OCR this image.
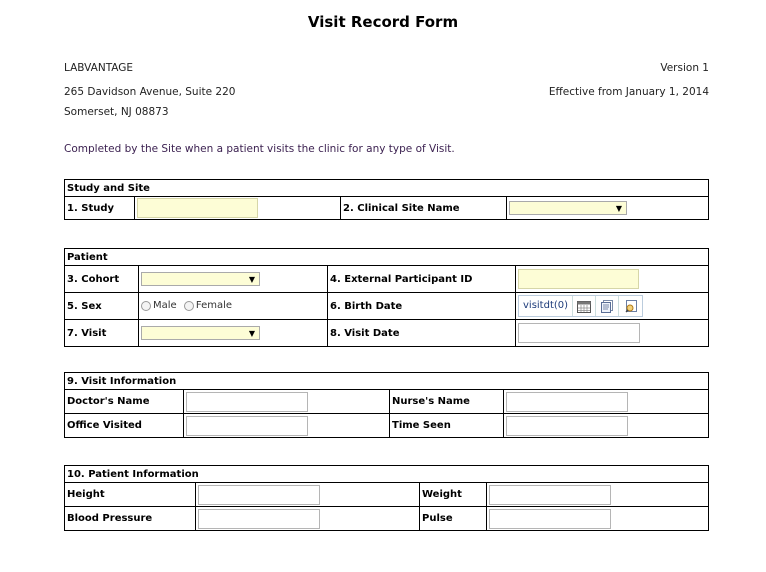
Visit Record Form
LABVANTAGE	Version 1
265 Davidson Avenue, Suite 220	Effective from January 1, 2014
Somerset, NJ 08873
Completed by the Site when a patient visits the clinic for any type of Visit.
Study and Site
1. Study		2. Clinical Site Name	▼
Patient			
3. Cohort	▼	4. External Participant ID	
5. Sex	Male Female	6. Birth Date	visitdt(0)

7. Visit	▼	8. Visit Date	
9. Visit Information			
Doctor's Name		Nurse's Name	
Office Visited		Time Seen	
10. Patient Information			
Height		Weight	
Blood Pressure		Pulse	
